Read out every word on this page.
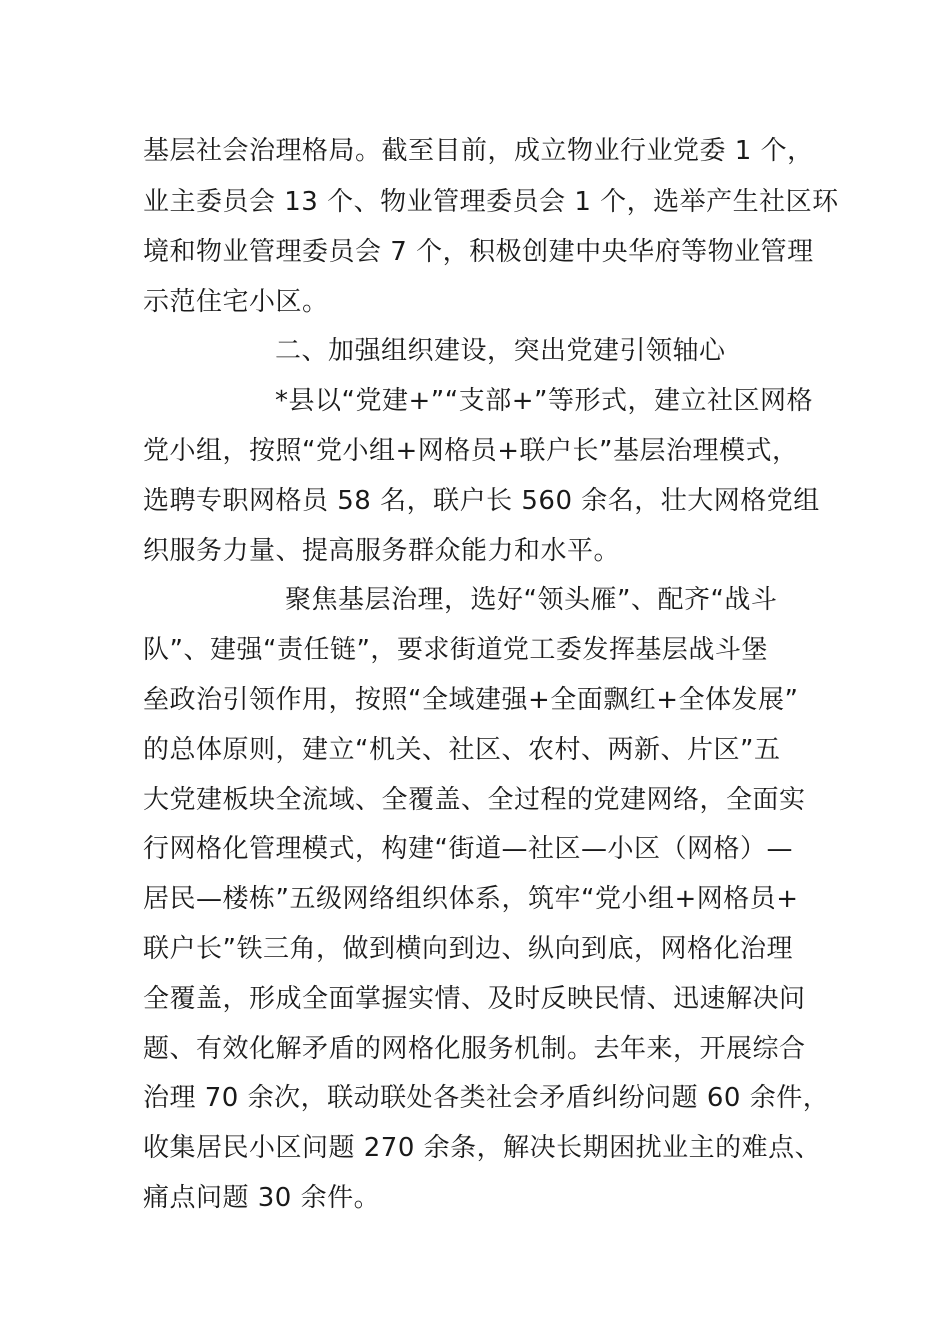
基层社会治理格局。截至目前，成立物业行业党委 1 个，
业主委员会 13 个、物业管理委员会 1 个，选举产生社区环
境和物业管理委员会 7 个，积极创建中央华府等物业管理
示范住宅小区。
二、加强组织建设，突出党建引领轴心
*县以“党建+”“支部+”等形式，建立社区网格
党小组，按照“党小组+网格员+联户长”基层治理模式，
选聘专职网格员 58 名，联户长 560 余名，壮大网格党组
织服务力量、提高服务群众能力和水平。
聚焦基层治理，选好“领头雁”、配齐“战斗
队”、建强“责任链”，要求街道党工委发挥基层战斗堡
垒政治引领作用，按照“全域建强+全面飘红+全体发展”
的总体原则，建立“机关、社区、农村、两新、片区”五
大党建板块全流域、全覆盖、全过程的党建网络，全面实
行网格化管理模式，构建“街道—社区—小区（网格）—
居民—楼栋”五级网络组织体系，筑牢“党小组+网格员+
联户长”铁三角，做到横向到边、纵向到底，网格化治理
全覆盖，形成全面掌握实情、及时反映民情、迅速解决问
题、有效化解矛盾的网格化服务机制。去年来，开展综合
治理 70 余次，联动联处各类社会矛盾纠纷问题 60 余件，
收集居民小区问题 270 余条，解决长期困扰业主的难点、
痛点问题 30 余件。
